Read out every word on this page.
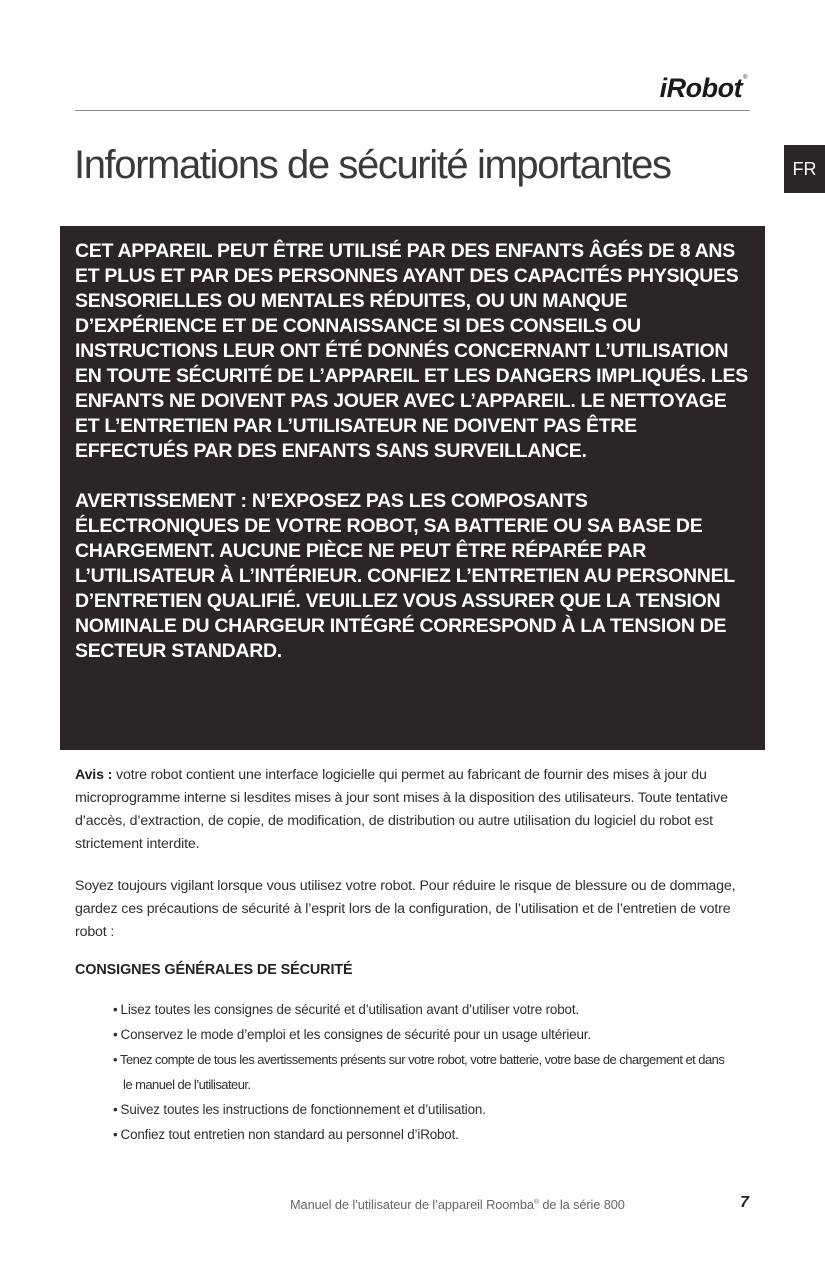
iRobot®
Informations de sécurité importantes	FR

CET APPAREIL PEUT ÊTRE UTILISÉ PAR DES ENFANTS ÂGÉS DE 8 ANS ET PLUS ET PAR DES PERSONNES AYANT DES CAPACITÉS PHYSIQUES SENSORIELLES OU MENTALES RÉDUITES, OU UN MANQUE D’EXPÉRIENCE ET DE CONNAISSANCE SI DES CONSEILS OU INSTRUCTIONS LEUR ONT ÉTÉ DONNÉS CONCERNANT L’UTILISATION EN TOUTE SÉCURITÉ DE L’APPAREIL ET LES DANGERS IMPLIQUÉS. LES ENFANTS NE DOIVENT PAS JOUER AVEC L’APPAREIL. LE NETTOYAGE ET L’ENTRETIEN PAR L’UTILISATEUR NE DOIVENT PAS ÊTRE EFFECTUÉS PAR DES ENFANTS SANS SURVEILLANCE.

AVERTISSEMENT : N’EXPOSEZ PAS LES COMPOSANTS ÉLECTRONIQUES DE VOTRE ROBOT, SA BATTERIE OU SA BASE DE CHARGEMENT. AUCUNE PIÈCE NE PEUT ÊTRE RÉPARÉE PAR L’UTILISATEUR À L’INTÉRIEUR. CONFIEZ L’ENTRETIEN AU PERSONNEL D’ENTRETIEN QUALIFIÉ. VEUILLEZ VOUS ASSURER QUE LA TENSION NOMINALE DU CHARGEUR INTÉGRÉ CORRESPOND À LA TENSION DE SECTEUR STANDARD.

Avis : votre robot contient une interface logicielle qui permet au fabricant de fournir des mises à jour du microprogramme interne si lesdites mises à jour sont mises à la disposition des utilisateurs. Toute tentative d’accès, d’extraction, de copie, de modification, de distribution ou autre utilisation du logiciel du robot est strictement interdite.

Soyez toujours vigilant lorsque vous utilisez votre robot. Pour réduire le risque de blessure ou de dommage, gardez ces précautions de sécurité à l’esprit lors de la configuration, de l’utilisation et de l’entretien de votre robot :

CONSIGNES GÉNÉRALES DE SÉCURITÉ
• Lisez toutes les consignes de sécurité et d’utilisation avant d’utiliser votre robot.
• Conservez le mode d’emploi et les consignes de sécurité pour un usage ultérieur.
• Tenez compte de tous les avertissements présents sur votre robot, votre batterie, votre base de chargement et dans le manuel de l’utilisateur.
• Suivez toutes les instructions de fonctionnement et d’utilisation.
• Confiez tout entretien non standard au personnel d’iRobot.

Manuel de l’utilisateur de l’appareil Roomba® de la série 800	7
